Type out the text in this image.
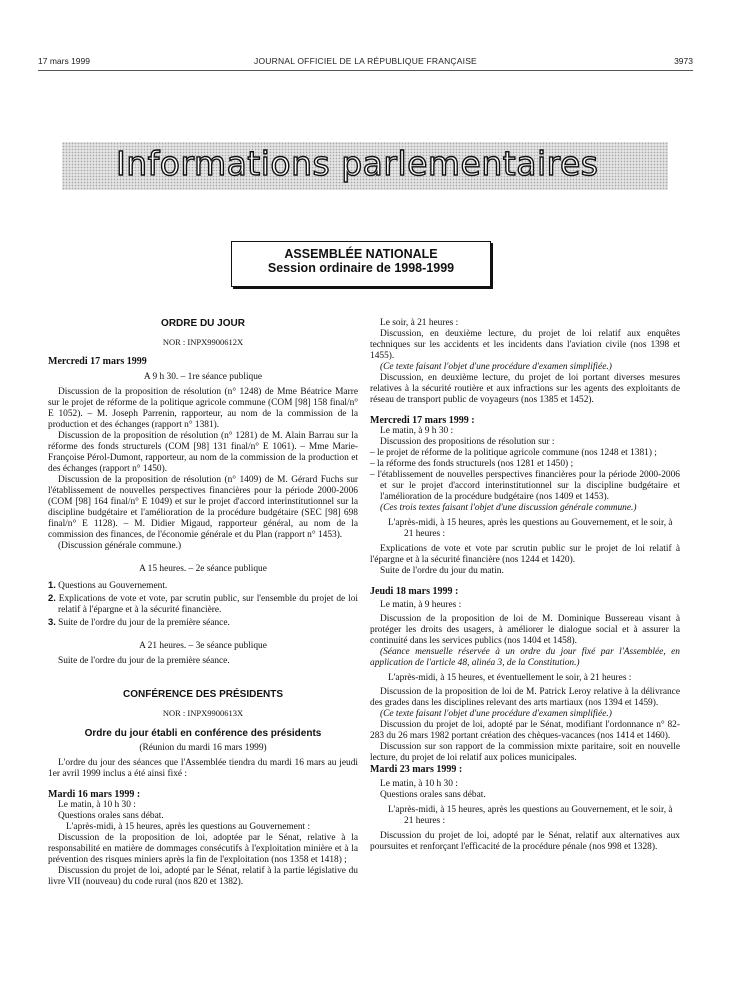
17 mars 1999	JOURNAL OFFICIEL DE LA RÉPUBLIQUE FRANÇAISE	3973
Informations parlementaires
ASSEMBLÉE NATIONALE
Session ordinaire de 1998-1999

ORDRE DU JOUR

NOR : INPX9900612X

Mercredi 17 mars 1999

A 9 h 30. – 1re séance publique

Discussion de la proposition de résolution (n° 1248) de Mme Béatrice Marre sur le projet de réforme de la politique agricole commune (COM [98] 158 final/n° E 1052). – M. Joseph Parrenin, rapporteur, au nom de la commission de la production et des échanges (rapport n° 1381).

Discussion de la proposition de résolution (n° 1281) de M. Alain Barrau sur la réforme des fonds structurels (COM [98] 131 final/n° E 1061). – Mme Marie-Françoise Pérol-Dumont, rapporteur, au nom de la commission de la production et des échanges (rapport n° 1450).

Discussion de la proposition de résolution (n° 1409) de M. Gérard Fuchs sur l'établissement de nouvelles perspectives financières pour la période 2000-2006 (COM [98] 164 final/n° E 1049) et sur le projet d'accord interinstitutionnel sur la discipline budgétaire et l'amélioration de la procédure budgétaire (SEC [98] 698 final/n° E 1128). – M. Didier Migaud, rapporteur général, au nom de la commission des finances, de l'économie générale et du Plan (rapport n° 1453).

(Discussion générale commune.)

A 15 heures. – 2e séance publique

1. Questions au Gouvernement.

2. Explications de vote et vote, par scrutin public, sur l'ensemble du projet de loi relatif à l'épargne et à la sécurité financière.

3. Suite de l'ordre du jour de la première séance.

A 21 heures. – 3e séance publique

Suite de l'ordre du jour de la première séance.

CONFÉRENCE DES PRÉSIDENTS

NOR : INPX9900613X

Ordre du jour établi en conférence des présidents

(Réunion du mardi 16 mars 1999)

L'ordre du jour des séances que l'Assemblée tiendra du mardi 16 mars au jeudi 1er avril 1999 inclus a été ainsi fixé :

Mardi 16 mars 1999 :

Le matin, à 10 h 30 :

Questions orales sans débat.

L'après-midi, à 15 heures, après les questions au Gouvernement :

Discussion de la proposition de loi, adoptée par le Sénat, relative à la responsabilité en matière de dommages consécutifs à l'exploitation minière et à la prévention des risques miniers après la fin de l'exploitation (nos 1358 et 1418) ;

Discussion du projet de loi, adopté par le Sénat, relatif à la partie législative du livre VII (nouveau) du code rural (nos 820 et 1382).

Le soir, à 21 heures :

Discussion, en deuxième lecture, du projet de loi relatif aux enquêtes techniques sur les accidents et les incidents dans l'aviation civile (nos 1398 et 1455).

(Ce texte faisant l'objet d'une procédure d'examen simplifiée.)

Discussion, en deuxième lecture, du projet de loi portant diverses mesures relatives à la sécurité routière et aux infractions sur les agents des exploitants de réseau de transport public de voyageurs (nos 1385 et 1452).

Mercredi 17 mars 1999 :

Le matin, à 9 h 30 :

Discussion des propositions de résolution sur :

– le projet de réforme de la politique agricole commune (nos 1248 et 1381) ;

– la réforme des fonds structurels (nos 1281 et 1450) ;

– l'établissement de nouvelles perspectives financières pour la période 2000-2006 et sur le projet d'accord interinstitutionnel sur la discipline budgétaire et l'amélioration de la procédure budgétaire (nos 1409 et 1453).

(Ces trois textes faisant l'objet d'une discussion générale commune.)

L'après-midi, à 15 heures, après les questions au Gouvernement, et le soir, à 21 heures :

Explications de vote et vote par scrutin public sur le projet de loi relatif à l'épargne et à la sécurité financière (nos 1244 et 1420).

Suite de l'ordre du jour du matin.

Jeudi 18 mars 1999 :

Le matin, à 9 heures :

Discussion de la proposition de loi de M. Dominique Bussereau visant à protéger les droits des usagers, à améliorer le dialogue social et à assurer la continuité dans les services publics (nos 1404 et 1458).

(Séance mensuelle réservée à un ordre du jour fixé par l'Assemblée, en application de l'article 48, alinéa 3, de la Constitution.)

L'après-midi, à 15 heures, et éventuellement le soir, à 21 heures :

Discussion de la proposition de loi de M. Patrick Leroy relative à la délivrance des grades dans les disciplines relevant des arts martiaux (nos 1394 et 1459).

(Ce texte faisant l'objet d'une procédure d'examen simplifiée.)

Discussion du projet de loi, adopté par le Sénat, modifiant l'ordonnance n° 82-283 du 26 mars 1982 portant création des chèques-vacances (nos 1414 et 1460).

Discussion sur son rapport de la commission mixte paritaire, soit en nouvelle lecture, du projet de loi relatif aux polices municipales.

Mardi 23 mars 1999 :

Le matin, à 10 h 30 :

Questions orales sans débat.

L'après-midi, à 15 heures, après les questions au Gouvernement, et le soir, à 21 heures :

Discussion du projet de loi, adopté par le Sénat, relatif aux alternatives aux poursuites et renforçant l'efficacité de la procédure pénale (nos 998 et 1328).
